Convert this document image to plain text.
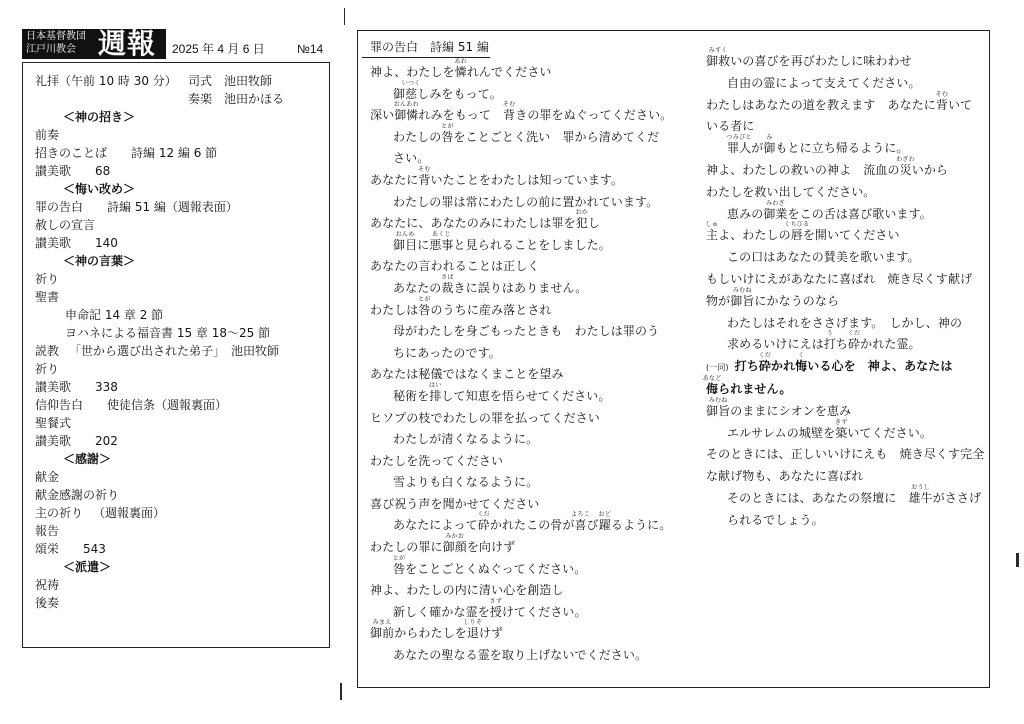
日本基督教団
江戸川教会 週報 2025 年 4 月 6 日	№14
礼拝（午前 10 時 30 分） 司式 池田牧師
奏楽 池田かほる
＜神の招き＞
前奏
招きのことば 詩編 12 編 6 節
讃美歌 68
＜悔い改め＞
罪の告白 詩編 51 編（週報表面）
赦しの宣言
讃美歌 140
＜神の言葉＞
祈り
聖書
申命記 14 章 2 節
ヨハネによる福音書 15 章 18～25 節
説教 「世から選び出された弟子」 池田牧師
祈り
讃美歌 338
信仰告白 使徒信条（週報裏面）
聖餐式
讃美歌 202
＜感謝＞
献金
献金感謝の祈り
主の祈り （週報裏面）
報告
頌栄 543
＜派遣＞
祝祷
後奏
罪の告白 詩編 51 編
神よ、わたしを憐
あわ
れんでください
御慈
いつく
しみをもって。
深い御憐
おんあわ
れみをもって　背
そむ
きの罪をぬぐってください。
わたしの咎
とが
をことごとく洗い　罪から清めてくだ
さい。
あなたに背
そむ
いたことをわたしは知っています。
わたしの罪は常にわたしの前に置かれています。
あなたに、あなたのみにわたしは罪を犯
おか
し
御目
おんめ
に悪事
あくじ
と見られることをしました。
あなたの言われることは正しく
あなたの裁
さば
きに誤りはありません。
わたしは咎
とが
のうちに産み落とされ
母がわたしを身ごもったときも　わたしは罪のう
ちにあったのです。
あなたは秘儀ではなくまことを望み
秘術を排
はい
して知恵を悟らせてください。
ヒソプの枝でわたしの罪を払ってください
わたしが清くなるように。
わたしを洗ってください
雪よりも白くなるように。
喜び祝う声を聞かせてください
あなたによって砕
くだ
かれたこの骨が喜
よろこ
び躍
おど
るように。
わたしの罪に御顔
みかお
を向けず
咎
とが
をことごとくぬぐってください。
神よ、わたしの内に清い心を創造し
新しく確かな霊を授
さず
けてください。
御前
みまえ
からわたしを退
しりぞ
けず
あなたの聖なる霊を取り上げないでください。
御救
みすく
いの喜びを再びわたしに味わわせ
自由の霊によって支えてください。
わたしはあなたの道を教えます　あなたに背
そむ
いて
いる者に
罪人
つみびと
が御
み
もとに立ち帰るように。
神よ、わたしの救いの神よ　流血の災
わざわ
いから
わたしを救い出してください。
恵みの御業
みわざ
をこの舌は喜び歌います。
主
しゅ
よ、わたしの唇
くちびる
を開いてください
この口はあなたの賛美を歌います。
もしいけにえがあなたに喜ばれ　焼き尽くす献げ
物が御旨
みむね
にかなうのなら
わたしはそれをささげます。　しかし、神の
求めるいけにえは打
う
ち砕
くだ
かれた霊。
(一同) 打ち砕
くだ
かれ悔
く
いる心を　神よ、あなたは
侮
あなど
られません。
御旨
みむね
のままにシオンを恵み
エルサレムの城壁を築
きず
いてください。
そのときには、正しいいけにえも　焼き尽くす完全
な献げ物も、あなたに喜ばれ
そのときには、あなたの祭壇に　雄牛
おうし
がささげ
られるでしょう。
